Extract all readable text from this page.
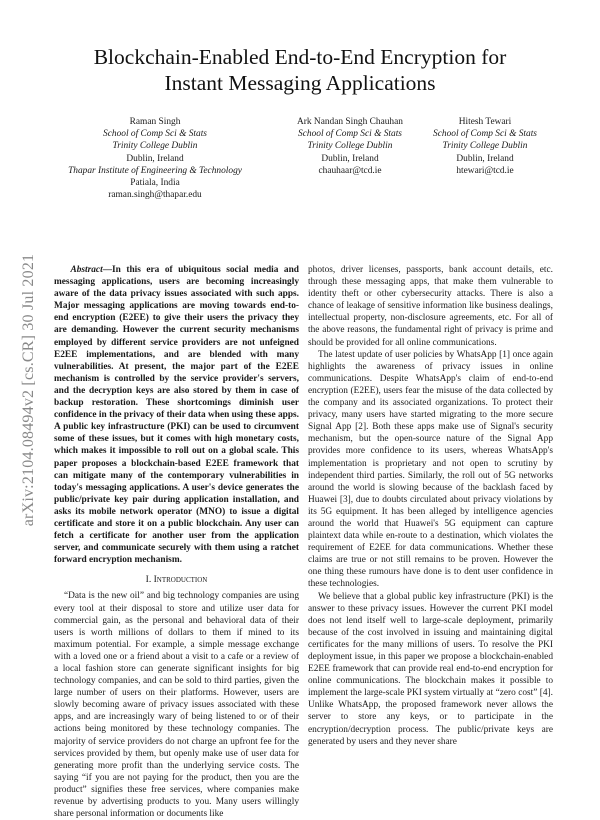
Blockchain-Enabled End-to-End Encryption for
Instant Messaging Applications
Raman Singh
School of Comp Sci & Stats
Trinity College Dublin
Dublin, Ireland
Thapar Institute of Engineering & Technology
Patiala, India
raman.singh@thapar.edu
Ark Nandan Singh Chauhan
School of Comp Sci & Stats
Trinity College Dublin
Dublin, Ireland
chauhaar@tcd.ie
Hitesh Tewari
School of Comp Sci & Stats
Trinity College Dublin
Dublin, Ireland
htewari@tcd.ie
arXiv:2104.08494v2 [cs.CR] 30 Jul 2021	Abstract—In this era of ubiquitous social media and messaging applications, users are becoming increasingly aware of the data privacy issues associated with such apps. Major messaging applications are moving towards end-to-end encryption (E2EE) to give their users the privacy they are demanding. However the current security mechanisms employed by different service providers are not unfeigned E2EE implementations, and are blended with many vulnerabilities. At present, the major part of the E2EE mechanism is controlled by the service provider's servers, and the decryption keys are also stored by them in case of backup restoration. These shortcomings diminish user confidence in the privacy of their data when using these apps. A public key infrastructure (PKI) can be used to circumvent some of these issues, but it comes with high monetary costs, which makes it impossible to roll out on a global scale. This paper proposes a blockchain-based E2EE framework that can mitigate many of the contemporary vulnerabilities in today's messaging applications. A user's device generates the public/private key pair during application installation, and asks its mobile network operator (MNO) to issue a digital certificate and store it on a public blockchain. Any user can fetch a certificate for another user from the application server, and communicate securely with them using a ratchet forward encryption mechanism.
I. Introduction

“Data is the new oil” and big technology companies are using every tool at their disposal to store and utilize user data for commercial gain, as the personal and behavioral data of their users is worth millions of dollars to them if mined to its maximum potential. For example, a simple message exchange with a loved one or a friend about a visit to a cafe or a review of a local fashion store can generate significant insights for big technology companies, and can be sold to third parties, given the large number of users on their platforms. However, users are slowly becoming aware of privacy issues associated with these apps, and are increasingly wary of being listened to or of their actions being monitored by these technology companies. The majority of service providers do not charge an upfront fee for the services provided by them, but openly make use of user data for generating more profit than the underlying service costs. The saying “if you are not paying for the product, then you are the product” signifies these free services, where companies make revenue by advertising products to you. Many users willingly share personal information or documents like

photos, driver licenses, passports, bank account details, etc. through these messaging apps, that make them vulnerable to identity theft or other cybersecurity attacks. There is also a chance of leakage of sensitive information like business dealings, intellectual property, non-disclosure agreements, etc. For all of the above reasons, the fundamental right of privacy is prime and should be provided for all online communications.

The latest update of user policies by WhatsApp [1] once again highlights the awareness of privacy issues in online communications. Despite WhatsApp's claim of end-to-end encryption (E2EE), users fear the misuse of the data collected by the company and its associated organizations. To protect their privacy, many users have started migrating to the more secure Signal App [2]. Both these apps make use of Signal's security mechanism, but the open-source nature of the Signal App provides more confidence to its users, whereas WhatsApp's implementation is proprietary and not open to scrutiny by independent third parties. Similarly, the roll out of 5G networks around the world is slowing because of the backlash faced by Huawei [3], due to doubts circulated about privacy violations by its 5G equipment. It has been alleged by intelligence agencies around the world that Huawei's 5G equipment can capture plaintext data while en-route to a destination, which violates the requirement of E2EE for data communications. Whether these claims are true or not still remains to be proven. However the one thing these rumours have done is to dent user confidence in these technologies.

We believe that a global public key infrastructure (PKI) is the answer to these privacy issues. However the current PKI model does not lend itself well to large-scale deployment, primarily because of the cost involved in issuing and maintaining digital certificates for the many millions of users. To resolve the PKI deployment issue, in this paper we propose a blockchain-enabled E2EE framework that can provide real end-to-end encryption for online communications. The blockchain makes it possible to implement the large-scale PKI system virtually at “zero cost” [4]. Unlike WhatsApp, the proposed framework never allows the server to store any keys, or to participate in the encryption/decryption process. The public/private keys are generated by users and they never share
